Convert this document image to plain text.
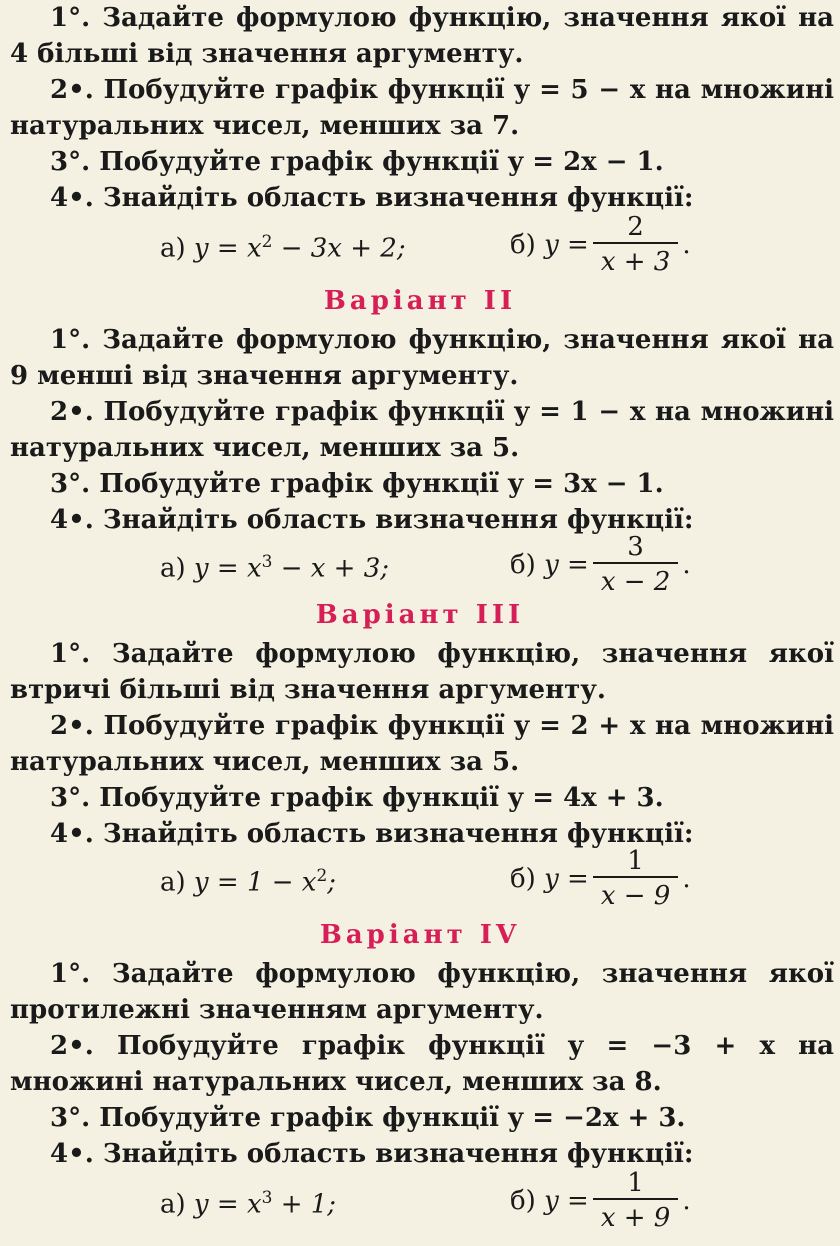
1°. Задайте формулою функцію, значення якої на 4 більші від значення аргументу.
2•. Побудуйте графік функції y = 5 − x на множині натуральних чисел, менших за 7.
3°. Побудуйте графік функції y = 2x − 1.
4•. Знайдіть область визначення функції:
а) $y = x^2 - 3x + 2$;	б)
$y = \frac{2}{x + 3}$ .
Варіант II
1°. Задайте формулою функцію, значення якої на 9 менші від значення аргументу.
2•. Побудуйте графік функції y = 1 − x на множині натуральних чисел, менших за 5.
3°. Побудуйте графік функції y = 3x − 1.
4•. Знайдіть область визначення функції:
а) $y = x^3 - x + 3$;	б)
$y = \frac{3}{x - 2}$ .
Варіант III
1°. Задайте формулою функцію, значення якої втричі більші від значення аргументу.
2•. Побудуйте графік функції y = 2 + x на множині натуральних чисел, менших за 5.
3°. Побудуйте графік функції y = 4x + 3.
4•. Знайдіть область визначення функції:
а) $y = 1 - x^2$;	б)
$y = \frac{1}{x - 9}$ .
Варіант IV
1°. Задайте формулою функцію, значення якої протилежні значенням аргументу.
2•. Побудуйте графік функції y = −3 + x на множині натуральних чисел, менших за 8.
3°. Побудуйте графік функції y = −2x + 3.
4•. Знайдіть область визначення функції:
а) $y = x^3 + 1$;	б)
$y = \frac{1}{x + 9}$ .
